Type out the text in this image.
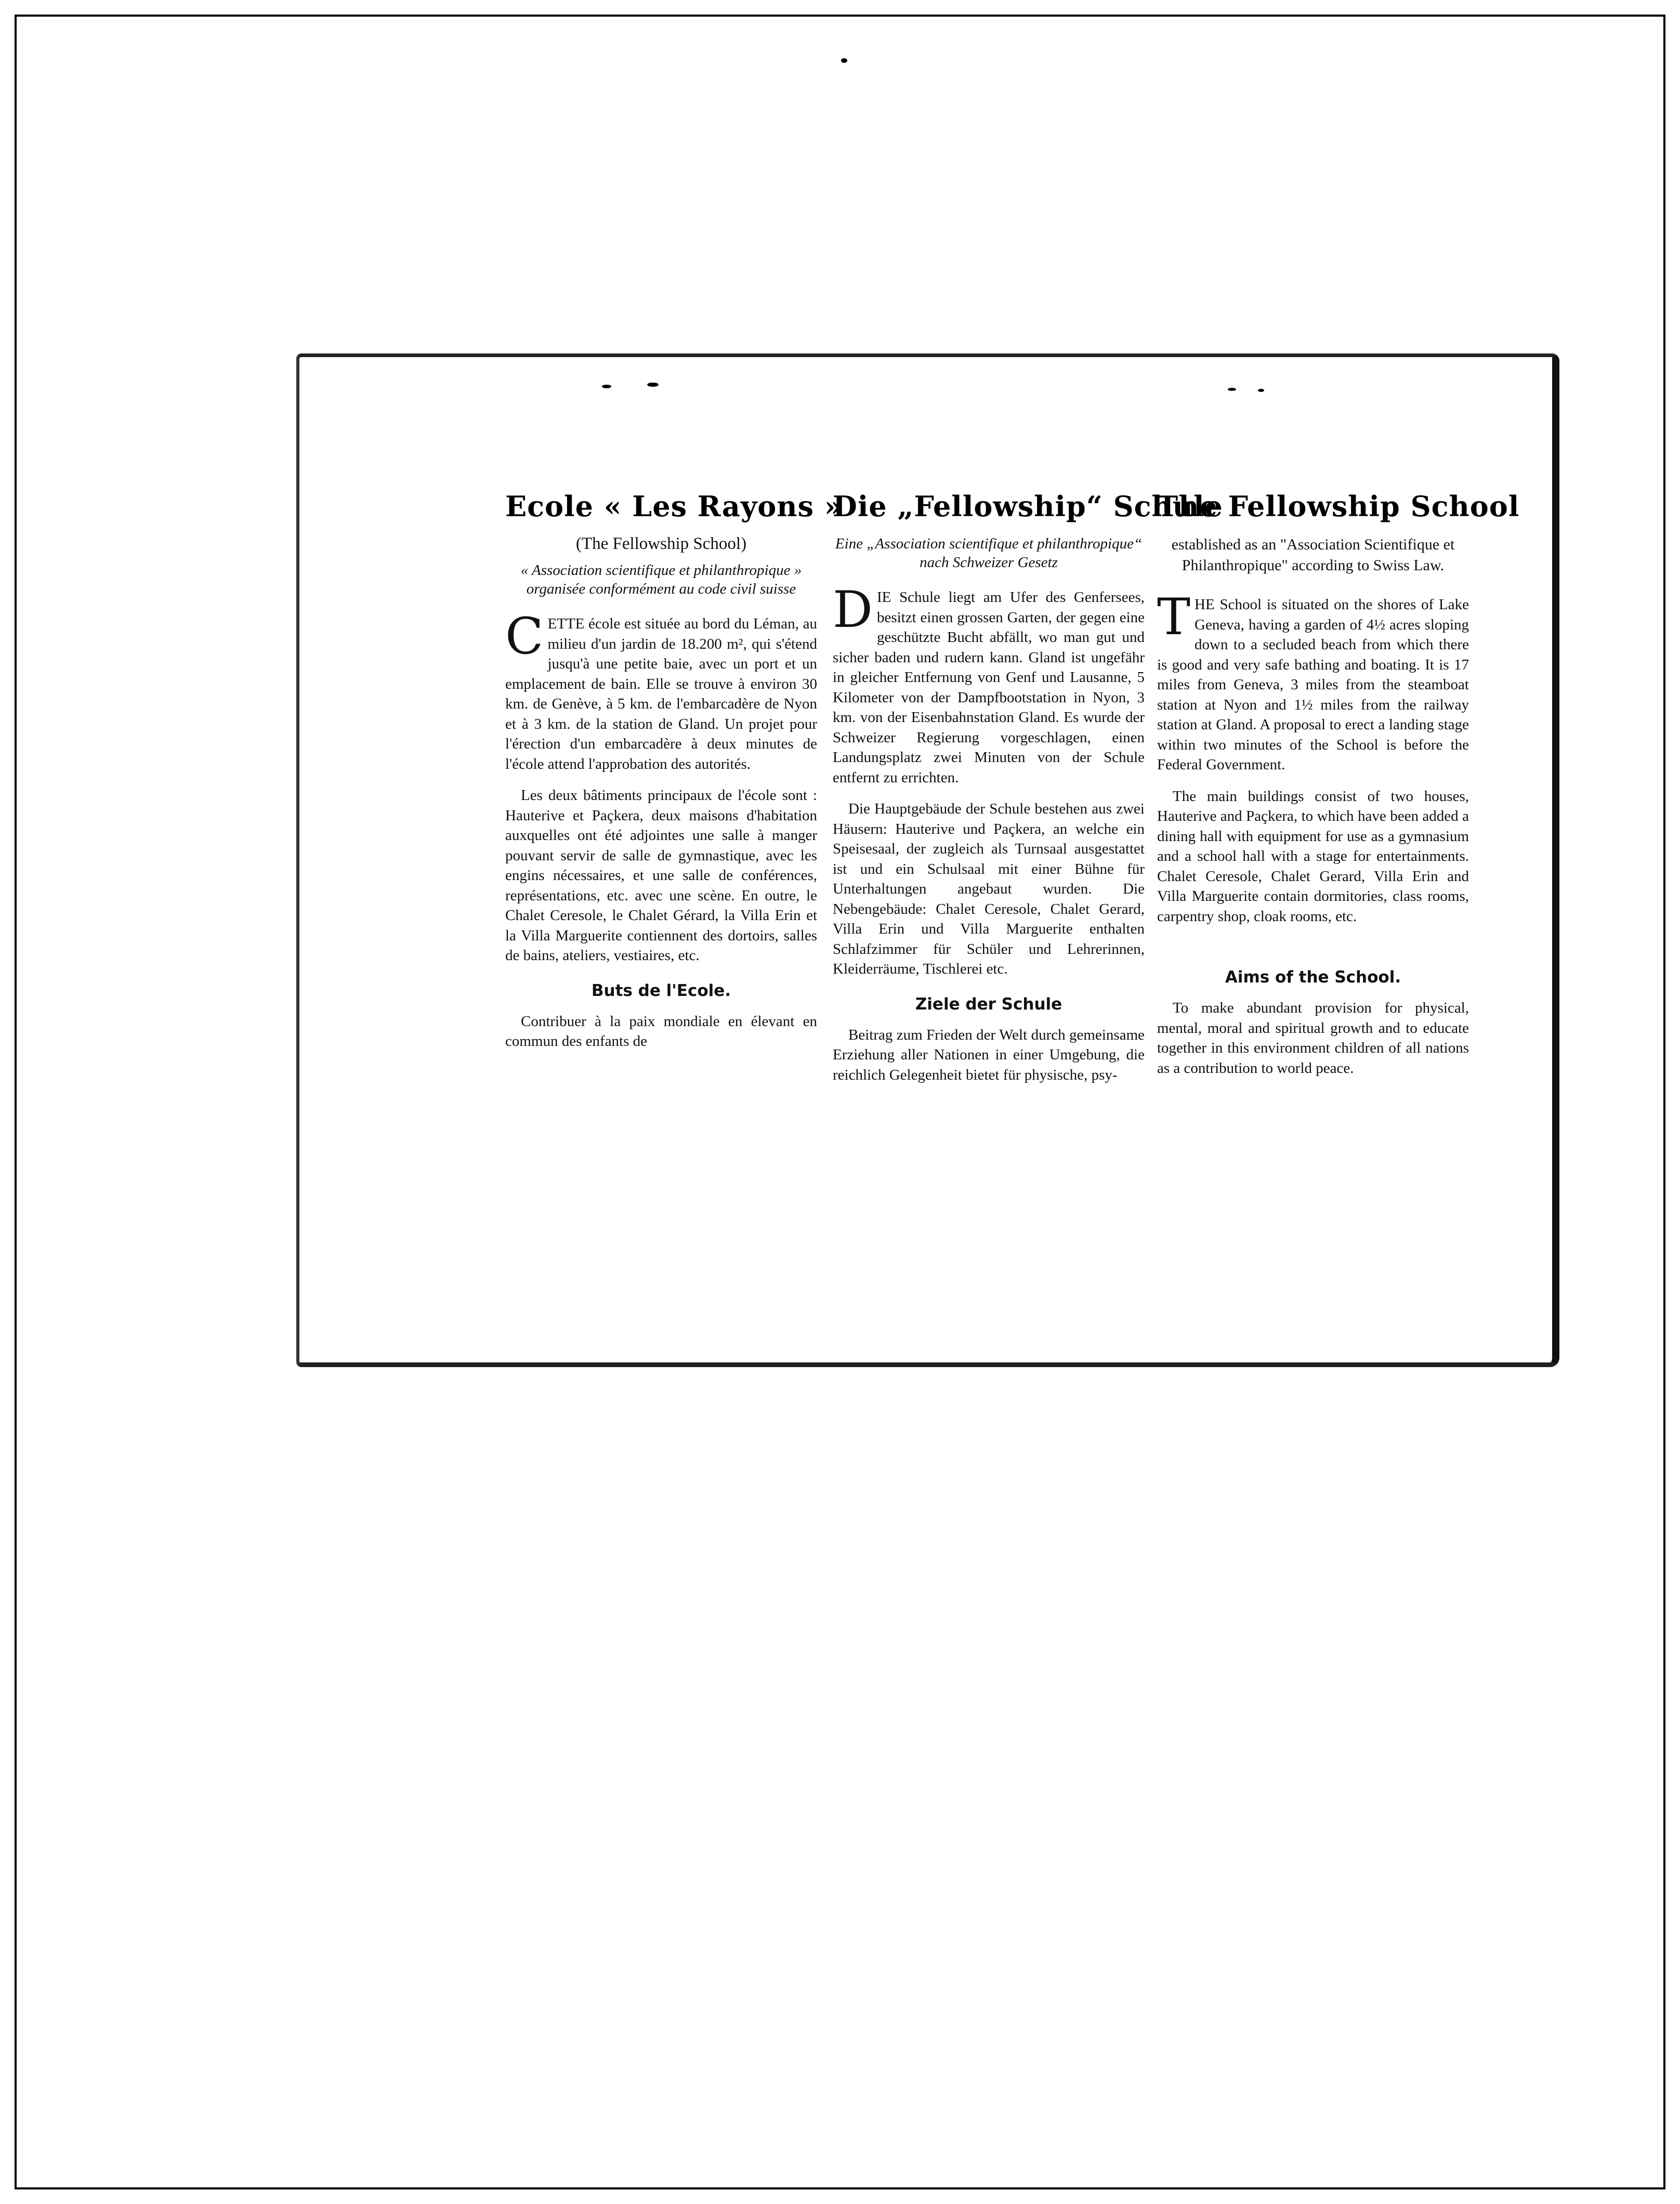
Ecole « Les Rayons »
(The Fellowship School)
« Association scientifique et philanthropique » organisée conformément au code civil suisse

CETTE école est située au bord du Léman, au milieu d'un jardin de 18.200 m², qui s'étend jusqu'à une petite baie, avec un port et un emplacement de bain. Elle se trouve à environ 30 km. de Genève, à 5 km. de l'embarcadère de Nyon et à 3 km. de la station de Gland. Un projet pour l'érection d'un embarcadère à deux minutes de l'école attend l'approbation des autorités.

Les deux bâtiments principaux de l'école sont : Hauterive et Paçkera, deux maisons d'habitation auxquelles ont été adjointes une salle à manger pouvant servir de salle de gymnastique, avec les engins nécessaires, et une salle de conférences, représentations, etc. avec une scène. En outre, le Chalet Ceresole, le Chalet Gérard, la Villa Erin et la Villa Marguerite contiennent des dortoirs, salles de bains, ateliers, vestiaires, etc.

Buts de l'Ecole.

Contribuer à la paix mondiale en élevant en commun des enfants de

Die „Fellowship“ Schule
Eine „Association scientifique et philanthropique“ nach Schweizer Gesetz

DIE Schule liegt am Ufer des Genfersees, besitzt einen grossen Garten, der gegen eine geschützte Bucht abfällt, wo man gut und sicher baden und rudern kann. Gland ist ungefähr in gleicher Entfernung von Genf und Lausanne, 5 Kilometer von der Dampfbootstation in Nyon, 3 km. von der Eisenbahnstation Gland. Es wurde der Schweizer Regierung vorgeschlagen, einen Landungsplatz zwei Minuten von der Schule entfernt zu errichten.

Die Hauptgebäude der Schule bestehen aus zwei Häusern: Hauterive und Paçkera, an welche ein Speisesaal, der zugleich als Turnsaal ausgestattet ist und ein Schulsaal mit einer Bühne für Unterhaltungen angebaut wurden. Die Nebengebäude: Chalet Ceresole, Chalet Gerard, Villa Erin und Villa Marguerite enthalten Schlafzimmer für Schüler und Lehrerinnen, Kleiderräume, Tischlerei etc.

Ziele der Schule

Beitrag zum Frieden der Welt durch gemeinsame Erziehung aller Nationen in einer Umgebung, die reichlich Gelegenheit bietet für physische, psy-

The Fellowship School
established as an "Association Scientifique et Philanthropique" according to Swiss Law.

THE School is situated on the shores of Lake Geneva, having a garden of 4½ acres sloping down to a secluded beach from which there is good and very safe bathing and boating. It is 17 miles from Geneva, 3 miles from the steamboat station at Nyon and 1½ miles from the railway station at Gland. A proposal to erect a landing stage within two minutes of the School is before the Federal Government.

The main buildings consist of two houses, Hauterive and Paçkera, to which have been added a dining hall with equipment for use as a gymnasium and a school hall with a stage for entertainments. Chalet Ceresole, Chalet Gerard, Villa Erin and Villa Marguerite contain dormitories, class rooms, carpentry shop, cloak rooms, etc.

Aims of the School.

To make abundant provision for physical, mental, moral and spiritual growth and to educate together in this environment children of all nations as a contribution to world peace.
